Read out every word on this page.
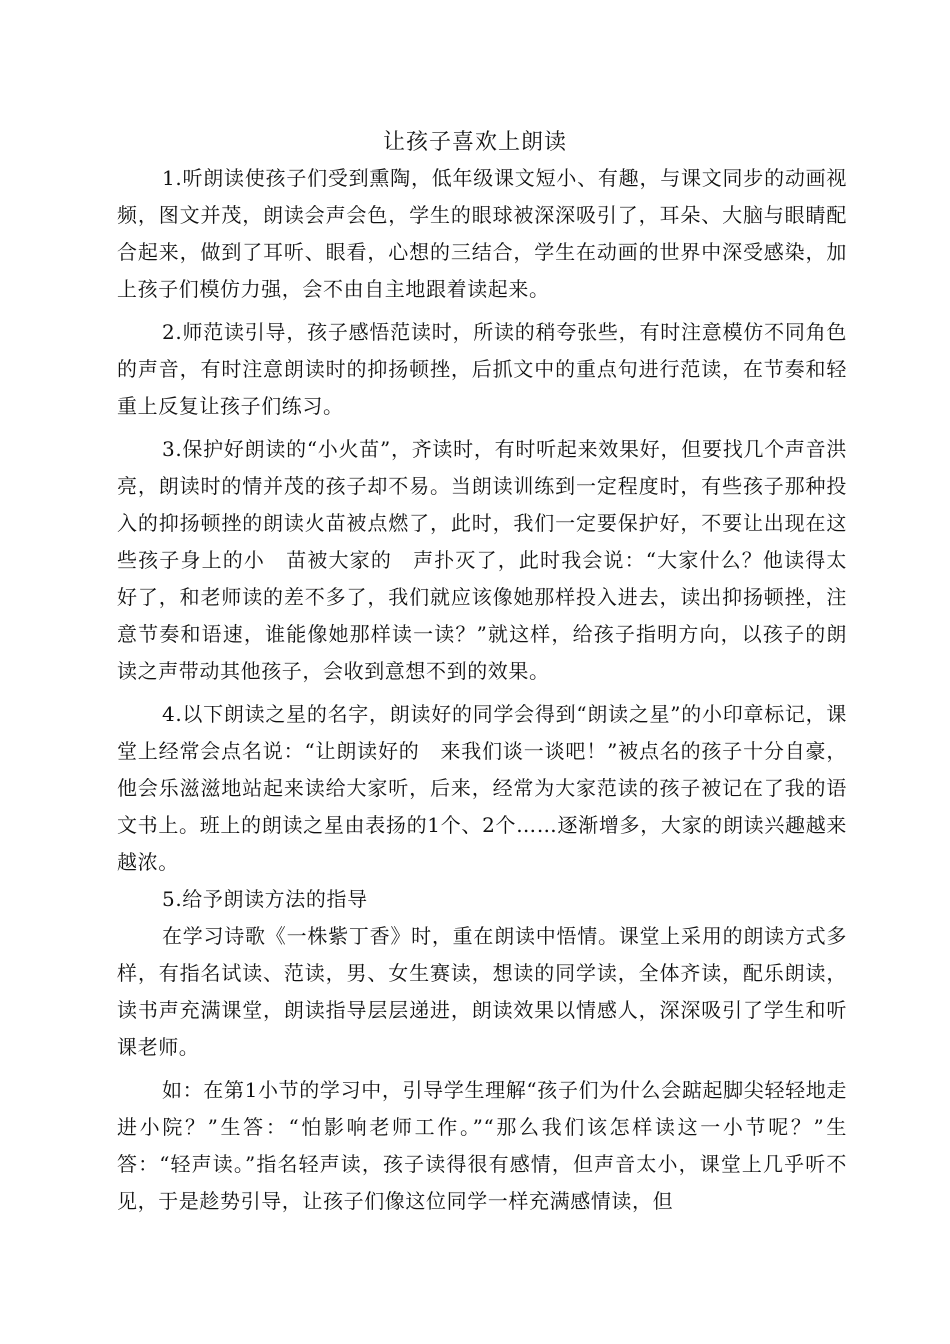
让孩子喜欢上朗读

1.听朗读使孩子们受到熏陶，低年级课文短小、有趣，与课文同步的动画视频，图文并茂，朗读会声会色，学生的眼球被深深吸引了，耳朵、大脑与眼睛配合起来，做到了耳听、眼看，心想的三结合，学生在动画的世界中深受感染，加上孩子们模仿力强，会不由自主地跟着读起来。

2.师范读引导，孩子感悟范读时，所读的稍夸张些，有时注意模仿不同角色的声音，有时注意朗读时的抑扬顿挫，后抓文中的重点句进行范读，在节奏和轻重上反复让孩子们练习。

3.保护好朗读的“小火苗”，齐读时，有时听起来效果好，但要找几个声音洪亮，朗读时的情并茂的孩子却不易。当朗读训练到一定程度时，有些孩子那种投入的抑扬顿挫的朗读火苗被点燃了，此时，我们一定要保护好，不要让出现在这些孩子身上的小　苗被大家的　声扑灭了，此时我会说：“大家什么？他读得太好了，和老师读的差不多了，我们就应该像她那样投入进去，读出抑扬顿挫，注意节奏和语速，谁能像她那样读一读？”就这样，给孩子指明方向，以孩子的朗读之声带动其他孩子，会收到意想不到的效果。

4.以下朗读之星的名字，朗读好的同学会得到“朗读之星”的小印章标记，课堂上经常会点名说：“让朗读好的　来我们谈一谈吧！”被点名的孩子十分自豪，他会乐滋滋地站起来读给大家听，后来，经常为大家范读的孩子被记在了我的语文书上。班上的朗读之星由表扬的1个、2个……逐渐增多，大家的朗读兴趣越来越浓。

5.给予朗读方法的指导

在学习诗歌《一株紫丁香》时，重在朗读中悟情。课堂上采用的朗读方式多样，有指名试读、范读，男、女生赛读，想读的同学读，全体齐读，配乐朗读，读书声充满课堂，朗读指导层层递进，朗读效果以情感人，深深吸引了学生和听课老师。

如：在第1小节的学习中，引导学生理解“孩子们为什么会踮起脚尖轻轻地走进小院？”生答：“怕影响老师工作。”“那么我们该怎样读这一小节呢？”生答：“轻声读。”指名轻声读，孩子读得很有感情，但声音太小，课堂上几乎听不见，于是趁势引导，让孩子们像这位同学一样充满感情读，但
